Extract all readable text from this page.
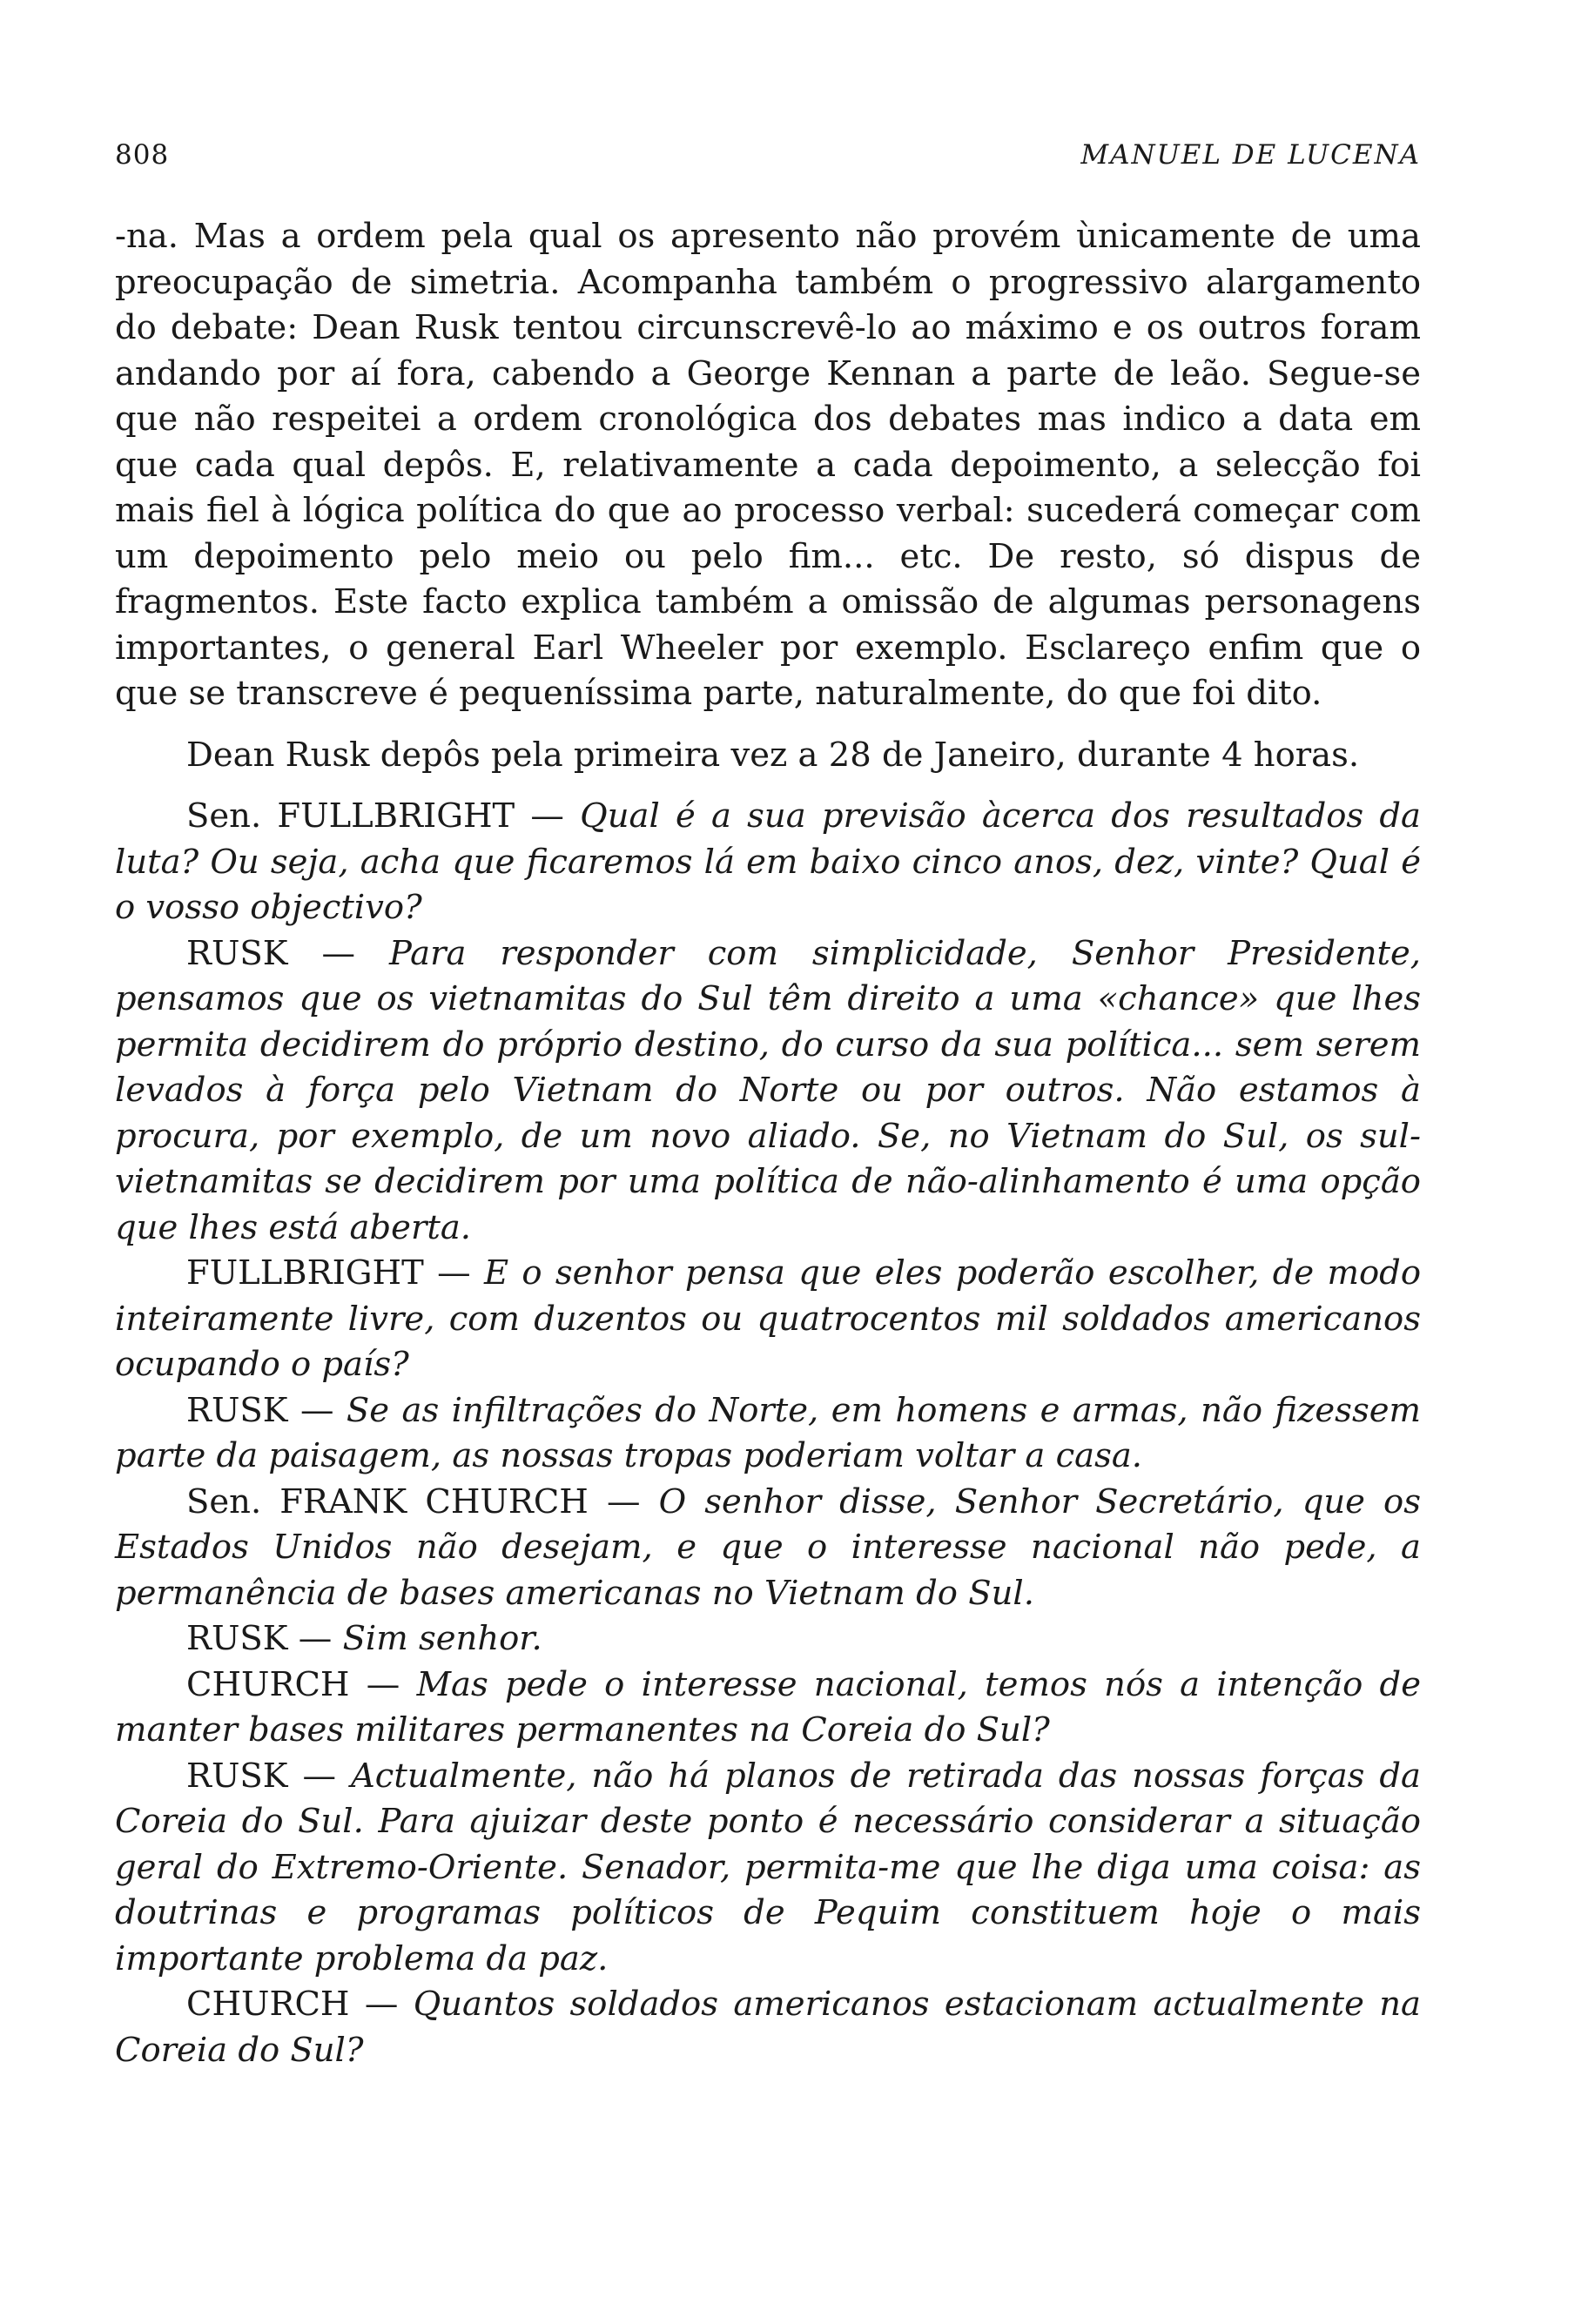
808	MANUEL DE LUCENA

-na. Mas a ordem pela qual os apresento não provém ùnicamente de uma preocupação de simetria. Acompanha também o progressivo alargamento do debate: Dean Rusk tentou circunscrevê-lo ao máximo e os outros foram andando por aí fora, cabendo a George Kennan a parte de leão. Segue-se que não respeitei a ordem cronológica dos debates mas indico a data em que cada qual depôs. E, relativamente a cada depoimento, a selecção foi mais fiel à lógica política do que ao processo verbal: sucederá começar com um depoimento pelo meio ou pelo fim... etc. De resto, só dispus de fragmentos. Este facto explica também a omissão de algumas personagens importantes, o general Earl Wheeler por exemplo. Esclareço enfim que o que se transcreve é pequeníssima parte, naturalmente, do que foi dito.

Dean Rusk depôs pela primeira vez a 28 de Janeiro, durante 4 horas.

Sen. FULLBRIGHT — Qual é a sua previsão àcerca dos resultados da luta? Ou seja, acha que ficaremos lá em baixo cinco anos, dez, vinte? Qual é o vosso objectivo?

RUSK — Para responder com simplicidade, Senhor Presidente, pensamos que os vietnamitas do Sul têm direito a uma «chance» que lhes permita decidirem do próprio destino, do curso da sua política... sem serem levados à força pelo Vietnam do Norte ou por outros. Não estamos à procura, por exemplo, de um novo aliado. Se, no Vietnam do Sul, os sul-vietnamitas se decidirem por uma política de não-alinhamento é uma opção que lhes está aberta.

FULLBRIGHT — E o senhor pensa que eles poderão escolher, de modo inteiramente livre, com duzentos ou quatrocentos mil soldados americanos ocupando o país?

RUSK — Se as infiltrações do Norte, em homens e armas, não fizessem parte da paisagem, as nossas tropas poderiam voltar a casa.

Sen. FRANK CHURCH — O senhor disse, Senhor Secretário, que os Estados Unidos não desejam, e que o interesse nacional não pede, a permanência de bases americanas no Vietnam do Sul.

RUSK — Sim senhor.

CHURCH — Mas pede o interesse nacional, temos nós a intenção de manter bases militares permanentes na Coreia do Sul?

RUSK — Actualmente, não há planos de retirada das nossas forças da Coreia do Sul. Para ajuizar deste ponto é necessário considerar a situação geral do Extremo-Oriente. Senador, permita-me que lhe diga uma coisa: as doutrinas e programas políticos de Pequim constituem hoje o mais importante problema da paz.

CHURCH — Quantos soldados americanos estacionam actualmente na Coreia do Sul?
